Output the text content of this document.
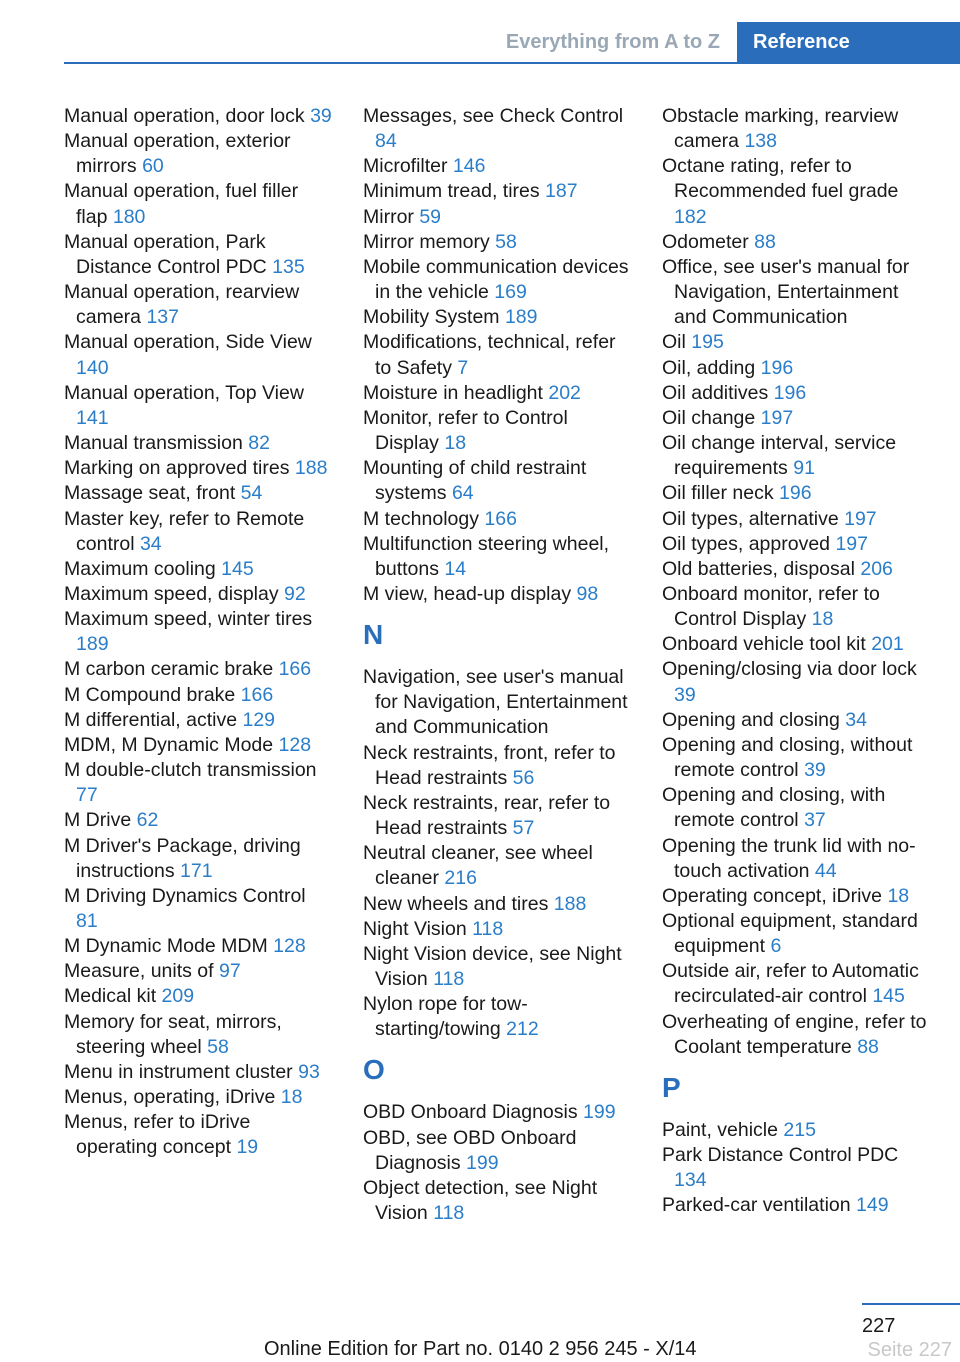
Everything from A to Z Reference
Manual operation, door lock 39
Manual operation, exterior mirrors 60
Manual operation, fuel filler flap 180
Manual operation, Park Distance Control PDC 135
Manual operation, rearview camera 137
Manual operation, Side View 140
Manual operation, Top View 141
Manual transmission 82
Marking on approved tires 188
Massage seat, front 54
Master key, refer to Remote control 34
Maximum cooling 145
Maximum speed, display 92
Maximum speed, winter tires 189
M carbon ceramic brake 166
M Compound brake 166
M differential, active 129
MDM, M Dynamic Mode 128
M double-clutch transmission 77
M Drive 62
M Driver's Package, driving instructions 171
M Driving Dynamics Control 81
M Dynamic Mode MDM 128
Measure, units of 97
Medical kit 209
Memory for seat, mirrors, steering wheel 58
Menu in instrument cluster 93
Menus, operating, iDrive 18
Menus, refer to iDrive operating concept 19
Messages, see Check Control 84
Microfilter 146
Minimum tread, tires 187
Mirror 59
Mirror memory 58
Mobile communication devices in the vehicle 169
Mobility System 189
Modifications, technical, refer to Safety 7
Moisture in headlight 202
Monitor, refer to Control Display 18
Mounting of child restraint systems 64
M technology 166
Multifunction steering wheel, buttons 14
M view, head-up display 98
N
Navigation, see user's manual for Navigation, Entertainment and Communication
Neck restraints, front, refer to Head restraints 56
Neck restraints, rear, refer to Head restraints 57
Neutral cleaner, see wheel cleaner 216
New wheels and tires 188
Night Vision 118
Night Vision device, see Night Vision 118
Nylon rope for tow-starting/towing 212
O
OBD Onboard Diagnosis 199
OBD, see OBD Onboard Diagnosis 199
Object detection, see Night Vision 118
Obstacle marking, rearview camera 138
Octane rating, refer to Recommended fuel grade 182
Odometer 88
Office, see user's manual for Navigation, Entertainment and Communication
Oil 195
Oil, adding 196
Oil additives 196
Oil change 197
Oil change interval, service requirements 91
Oil filler neck 196
Oil types, alternative 197
Oil types, approved 197
Old batteries, disposal 206
Onboard monitor, refer to Control Display 18
Onboard vehicle tool kit 201
Opening/closing via door lock 39
Opening and closing 34
Opening and closing, without remote control 39
Opening and closing, with remote control 37
Opening the trunk lid with no-touch activation 44
Operating concept, iDrive 18
Optional equipment, standard equipment 6
Outside air, refer to Automatic recirculated-air control 145
Overheating of engine, refer to Coolant temperature 88
P
Paint, vehicle 215
Park Distance Control PDC 134
Parked-car ventilation 149
227
Online Edition for Part no. 0140 2 956 245 - X/14	Seite 227
